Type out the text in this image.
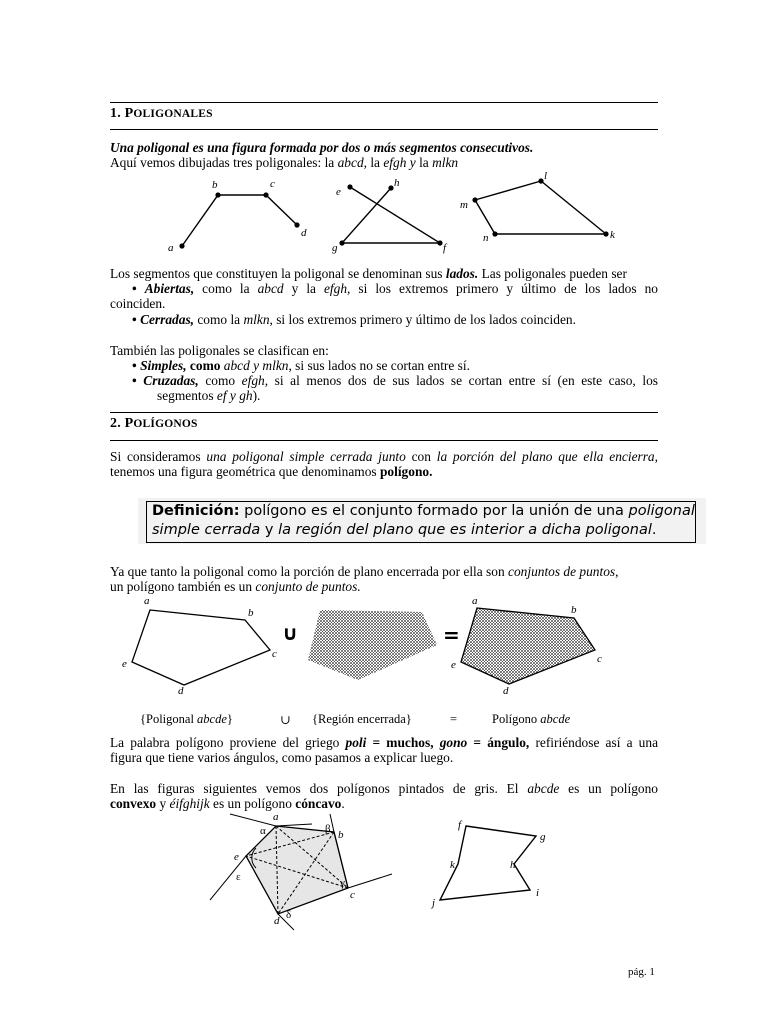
1. POLIGONALES
Una poligonal es una figura formada por dos o más segmentos consecutivos.
Aquí vemos dibujadas tres poligonales: la abcd, la efgh y la mlkn
a
b	c
d
e
h
g	f
m
l
k
n
Los segmentos que constituyen la poligonal se denominan sus lados. Las poligonales pueden ser
• Abiertas, como la abcd y la efgh, si los extremos primero y último de los lados no
coinciden.
• Cerradas, como la mlkn, si los extremos primero y último de los lados coinciden.
También las poligonales se clasifican en:
• Simples, como abcd y mlkn, si sus lados no se cortan entre sí.
• Cruzadas, como efgh, si al menos dos de sus lados se cortan entre sí (en este caso, los
segmentos ef y gh).
2. POLÍGONOS
Si consideramos una poligonal simple cerrada junto con la porción del plano que ella encierra,
tenemos una figura geométrica que denominamos polígono.
Definición: polígono es el conjunto formado por la unión de una poligonal
simple cerrada y la región del plano que es interior a dicha poligonal.
Ya que tanto la poligonal como la porción de plano encerrada por ella son conjuntos de puntos,
un polígono también es un conjunto de puntos.
a
b
c
d
e
∪	=
a
b
c
d
e
{Poligonal abcde}	∪ {Región encerrada}	=	Polígono abcde
La palabra polígono proviene del griego poli = muchos, gono = ángulo, refiriéndose así a una
figura que tiene varios ángulos, como pasamos a explicar luego.
En las figuras siguientes vemos dos polígonos pintados de gris. El abcde es un polígono
convexo y éifghijk es un polígono cóncavo.
a
b
c
d
e
α	β
γ
δ
ε
f
g
h
i
j
k
pág. 1
